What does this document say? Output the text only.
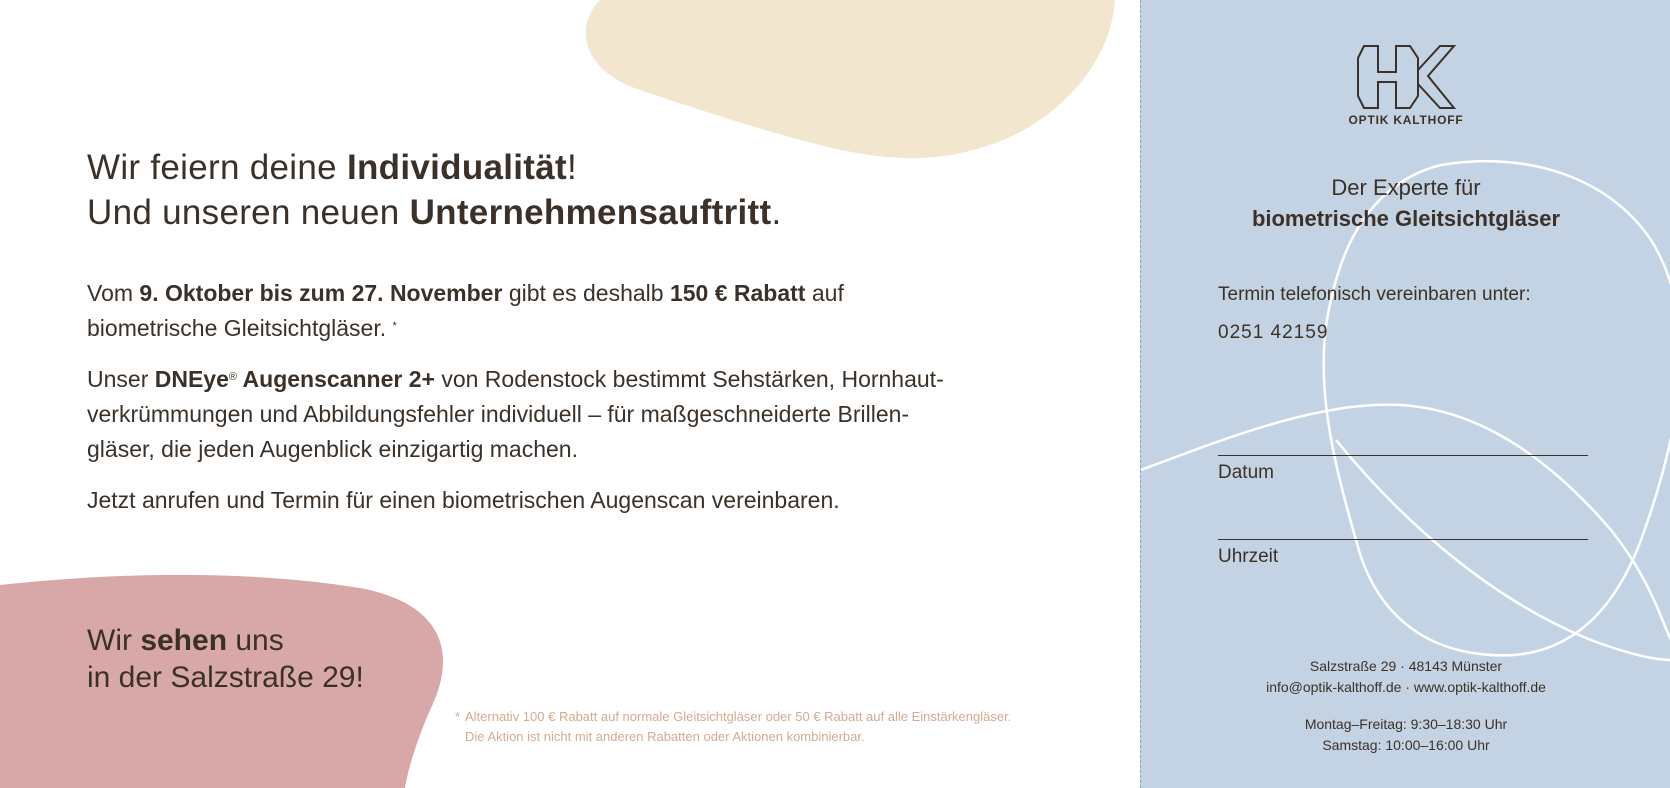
Wir feiern deine Individualität!
Und unseren neuen Unternehmensauftritt.
Vom 9. Oktober bis zum 27. November gibt es deshalb 150 € Rabatt auf
biometrische Gleitsichtgläser. *
Unser DNEye® Augenscanner 2+ von Rodenstock bestimmt Sehstärken, Hornhaut-
verkrümmungen und Abbildungsfehler individuell – für maßgeschneiderte Brillen-
gläser, die jeden Augenblick einzigartig machen.
Jetzt anrufen und Termin für einen biometrischen Augenscan vereinbaren.
Wir sehen uns
in der Salzstraße 29!
* Alternativ 100 € Rabatt auf normale Gleitsichtgläser oder 50 € Rabatt auf alle Einstärkengläser.
Die Aktion ist nicht mit anderen Rabatten oder Aktionen kombinierbar.
OPTIK KALTHOFF
Der Experte für
biometrische Gleitsichtgläser
Termin telefonisch vereinbaren unter:
0251 42159
Datum
Uhrzeit
Salzstraße 29 · 48143 Münster
info@optik-kalthoff.de · www.optik-kalthoff.de
Montag–Freitag: 9:30–18:30 Uhr
Samstag: 10:00–16:00 Uhr
